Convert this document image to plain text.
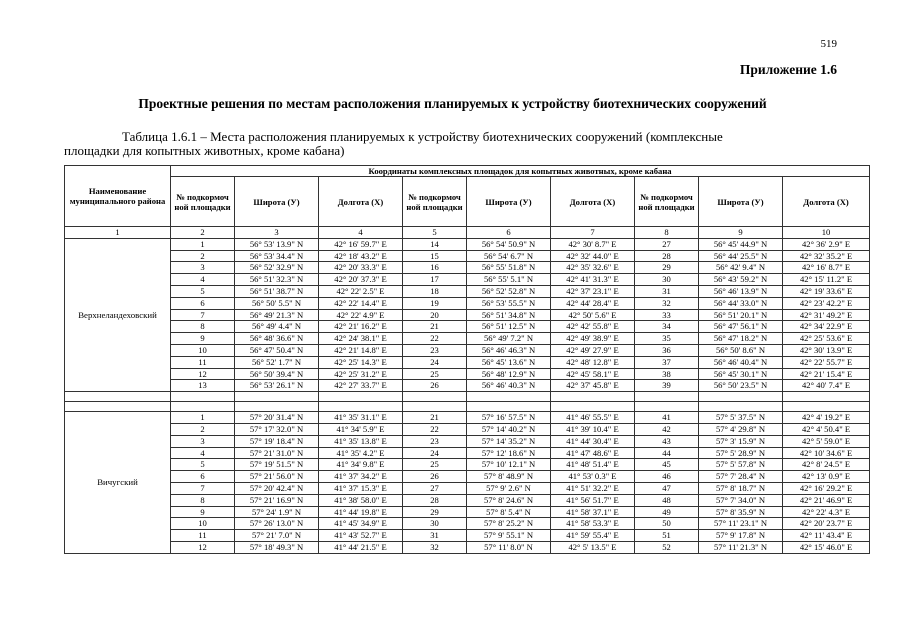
519
Приложение 1.6
Проектные решения по местам расположения планируемых к устройству биотехнических сооружений
Таблица 1.6.1 – Места расположения планируемых к устройству биотехнических сооружений (комплексные
площадки для копытных животных, кроме кабана)
Наименование муниципального района	Координаты комплексных площадок для копытных животных, кроме кабана								
	№ подкормоч ной площадки	Широта (У)	Долгота (Х)	№ подкормоч ной площадки	Широта (У)	Долгота (Х)	№ подкормоч ной площадки	Широта (У)	Долгота (Х)
1	2	3	4	5	6	7	8	9	10
Верхнеландеховский	1	56° 53' 13.9" N	42° 16' 59.7" E	14	56° 54' 50.9" N	42° 30' 8.7" E	27	56° 45' 44.9" N	42° 36' 2.9" E
	2	56° 53' 34.4" N	42° 18' 43.2" E	15	56° 54' 6.7" N	42° 32' 44.0" E	28	56° 44' 25.5" N	42° 32' 35.2" E
	3	56° 52' 32.9" N	42° 20' 33.3" E	16	56° 55' 51.8" N	42° 35' 32.6" E	29	56° 42' 9.4" N	42° 16' 8.7" E
	4	56° 51' 32.3" N	42° 20' 37.3" E	17	56° 55' 5.1" N	42° 41' 31.3" E	30	56° 43' 59.2" N	42° 15' 11.2" E
	5	56° 51' 38.7" N	42° 22' 2.5" E	18	56° 52' 52.8" N	42° 37' 23.1" E	31	56° 46' 13.9" N	42° 19' 33.6" E
	6	56° 50' 5.5" N	42° 22' 14.4" E	19	56° 53' 55.5" N	42° 44' 28.4" E	32	56° 44' 33.0" N	42° 23' 42.2" E
	7	56° 49' 21.3" N	42° 22' 4.9" E	20	56° 51' 34.8" N	42° 50' 5.6" E	33	56° 51' 20.1" N	42° 31' 49.2" E
	8	56° 49' 4.4" N	42° 21' 16.2" E	21	56° 51' 12.5" N	42° 42' 55.8" E	34	56° 47' 56.1" N	42° 34' 22.9" E
	9	56° 48' 36.6" N	42° 24' 38.1" E	22	56° 49' 7.2" N	42° 49' 38.9" E	35	56° 47' 18.2" N	42° 25' 53.6" E
	10	56° 47' 50.4" N	42° 21' 14.8" E	23	56° 46' 46.3" N	42° 49' 27.9" E	36	56° 50' 8.6" N	42° 30' 13.9" E
	11	56° 52' 1.7" N	42° 25' 14.3" E	24	56° 45' 13.6" N	42° 48' 12.8" E	37	56° 46' 40.4" N	42° 22' 55.7" E
	12	56° 50' 39.4" N	42° 25' 31.2" E	25	56° 48' 12.9" N	42° 45' 58.1" E	38	56° 45' 30.1" N	42° 21' 15.4" E
	13	56° 53' 26.1" N	42° 27' 33.7" E	26	56° 46' 40.3" N	42° 37' 45.8" E	39	56° 50' 23.5" N	42° 40' 7.4" E

Вичугский	1	57° 20' 31.4" N	41° 35' 31.1" E	21	57° 16' 57.5" N	41° 46' 55.5" E	41	57° 5' 37.5" N	42° 4' 19.2" E
	2	57° 17' 32.0" N	41° 34' 5.9" E	22	57° 14' 40.2" N	41° 39' 10.4" E	42	57° 4' 29.8" N	42° 4' 50.4" E
	3	57° 19' 18.4" N	41° 35' 13.8" E	23	57° 14' 35.2" N	41° 44' 30.4" E	43	57° 3' 15.9" N	42° 5' 59.0" E
	4	57° 21' 31.0" N	41° 35' 4.2" E	24	57° 12' 18.6" N	41° 47' 48.6" E	44	57° 5' 28.9" N	42° 10' 34.6" E
	5	57° 19' 51.5" N	41° 34' 9.8" E	25	57° 10' 12.1" N	41° 48' 51.4" E	45	57° 5' 57.8" N	42° 8' 24.5" E
	6	57° 21' 56.0" N	41° 37' 34.2" E	26	57° 8' 48.9" N	41° 53' 0.3" E	46	57° 7' 28.4" N	42° 13' 0.9" E
	7	57° 20' 42.4" N	41° 37' 15.3" E	27	57° 9' 2.6" N	41° 51' 32.2" E	47	57° 8' 18.7" N	42° 16' 29.2" E
	8	57° 21' 16.9" N	41° 38' 58.0" E	28	57° 8' 24.6" N	41° 56' 51.7" E	48	57° 7' 34.0" N	42° 21' 46.9" E
	9	57° 24' 1.9" N	41° 44' 19.8" E	29	57° 8' 5.4" N	41° 58' 37.1" E	49	57° 8' 35.9" N	42° 22' 4.3" E
	10	57° 26' 13.0" N	41° 45' 34.9" E	30	57° 8' 25.2" N	41° 58' 53.3" E	50	57° 11' 23.1" N	42° 20' 23.7" E
	11	57° 21' 7.0" N	41° 43' 52.7" E	31	57° 9' 55.1" N	41° 59' 55.4" E	51	57° 9' 17.8" N	42° 11' 43.4" E
	12	57° 18' 49.3" N	41° 44' 21.5" E	32	57° 11' 8.0" N	42° 5' 13.5" E	52	57° 11' 21.3" N	42° 15' 46.0" E
